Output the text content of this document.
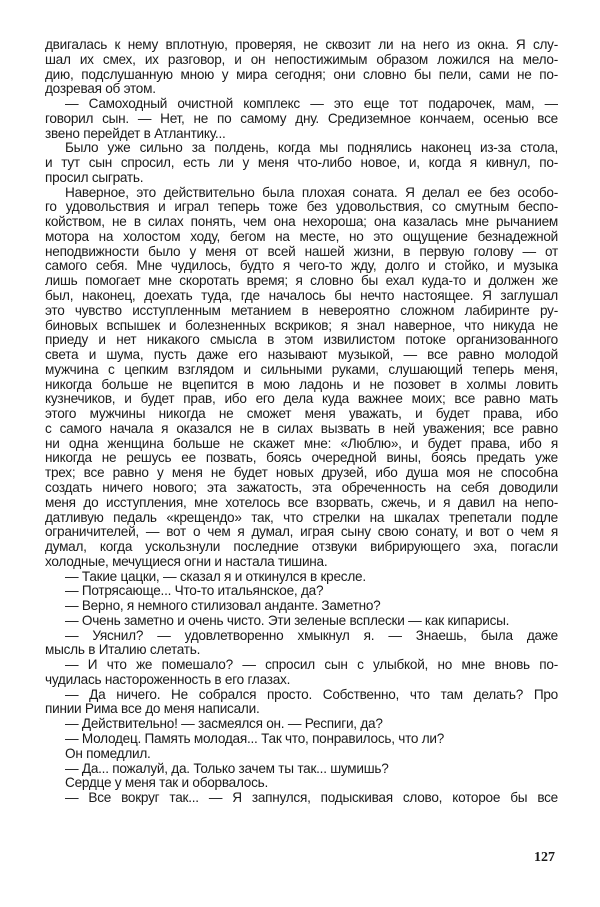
двигалась к нему вплотную, проверяя, не сквозит ли на него из окна. Я слу-
шал их смех, их разговор, и он непостижимым образом ложился на мело-
дию, подслушанную мною у мира сегодня; они словно бы пели, сами не по-
дозревая об этом.
— Самоходный очистной комплекс — это еще тот подарочек, мам, —
говорил сын. — Нет, не по самому дну. Средиземное кончаем, осенью все
звено перейдет в Атлантику...
Было уже сильно за полдень, когда мы поднялись наконец из-за стола,
и тут сын спросил, есть ли у меня что-либо новое, и, когда я кивнул, по-
просил сыграть.
Наверное, это действительно была плохая соната. Я делал ее без особо-
го удовольствия и играл теперь тоже без удовольствия, со смутным беспо-
койством, не в силах понять, чем она нехороша; она казалась мне рычанием
мотора на холостом ходу, бегом на месте, но это ощущение безнадежной
неподвижности было у меня от всей нашей жизни, в первую голову — от
самого себя. Мне чудилось, будто я чего-то жду, долго и стойко, и музыка
лишь помогает мне скоротать время; я словно бы ехал куда-то и должен же
был, наконец, доехать туда, где началось бы нечто настоящее. Я заглушал
это чувство исступленным метанием в невероятно сложном лабиринте ру-
биновых вспышек и болезненных вскриков; я знал наверное, что никуда не
приеду и нет никакого смысла в этом извилистом потоке организованного
света и шума, пусть даже его называют музыкой, — все равно молодой
мужчина с цепким взглядом и сильными руками, слушающий теперь меня,
никогда больше не вцепится в мою ладонь и не позовет в холмы ловить
кузнечиков, и будет прав, ибо его дела куда важнее моих; все равно мать
этого мужчины никогда не сможет меня уважать, и будет права, ибо
с самого начала я оказался не в силах вызвать в ней уважения; все равно
ни одна женщина больше не скажет мне: «Люблю», и будет права, ибо я
никогда не решусь ее позвать, боясь очередной вины, боясь предать уже
трех; все равно у меня не будет новых друзей, ибо душа моя не способна
создать ничего нового; эта зажатость, эта обреченность на себя доводили
меня до исступления, мне хотелось все взорвать, сжечь, и я давил на непо-
датливую педаль «крещендо» так, что стрелки на шкалах трепетали подле
ограничителей, — вот о чем я думал, играя сыну свою сонату, и вот о чем я
думал, когда ускользнули последние отзвуки вибрирующего эха, погасли
холодные, мечущиеся огни и настала тишина.
— Такие цацки, — сказал я и откинулся в кресле.
— Потрясающе... Что-то итальянское, да?
— Верно, я немного стилизовал анданте. Заметно?
— Очень заметно и очень чисто. Эти зеленые всплески — как кипарисы.
— Уяснил? — удовлетворенно хмыкнул я. — Знаешь, была даже
мысль в Италию слетать.
— И что же помешало? — спросил сын с улыбкой, но мне вновь по-
чудилась настороженность в его глазах.
— Да ничего. Не собрался просто. Собственно, что там делать? Про
пинии Рима все до меня написали.
— Действительно! — засмеялся он. — Респиги, да?
— Молодец. Память молодая... Так что, понравилось, что ли?
Он помедлил.
— Да... пожалуй, да. Только зачем ты так... шумишь?
Сердце у меня так и оборвалось.
— Все вокруг так... — Я запнулся, подыскивая слово, которое бы все
127
